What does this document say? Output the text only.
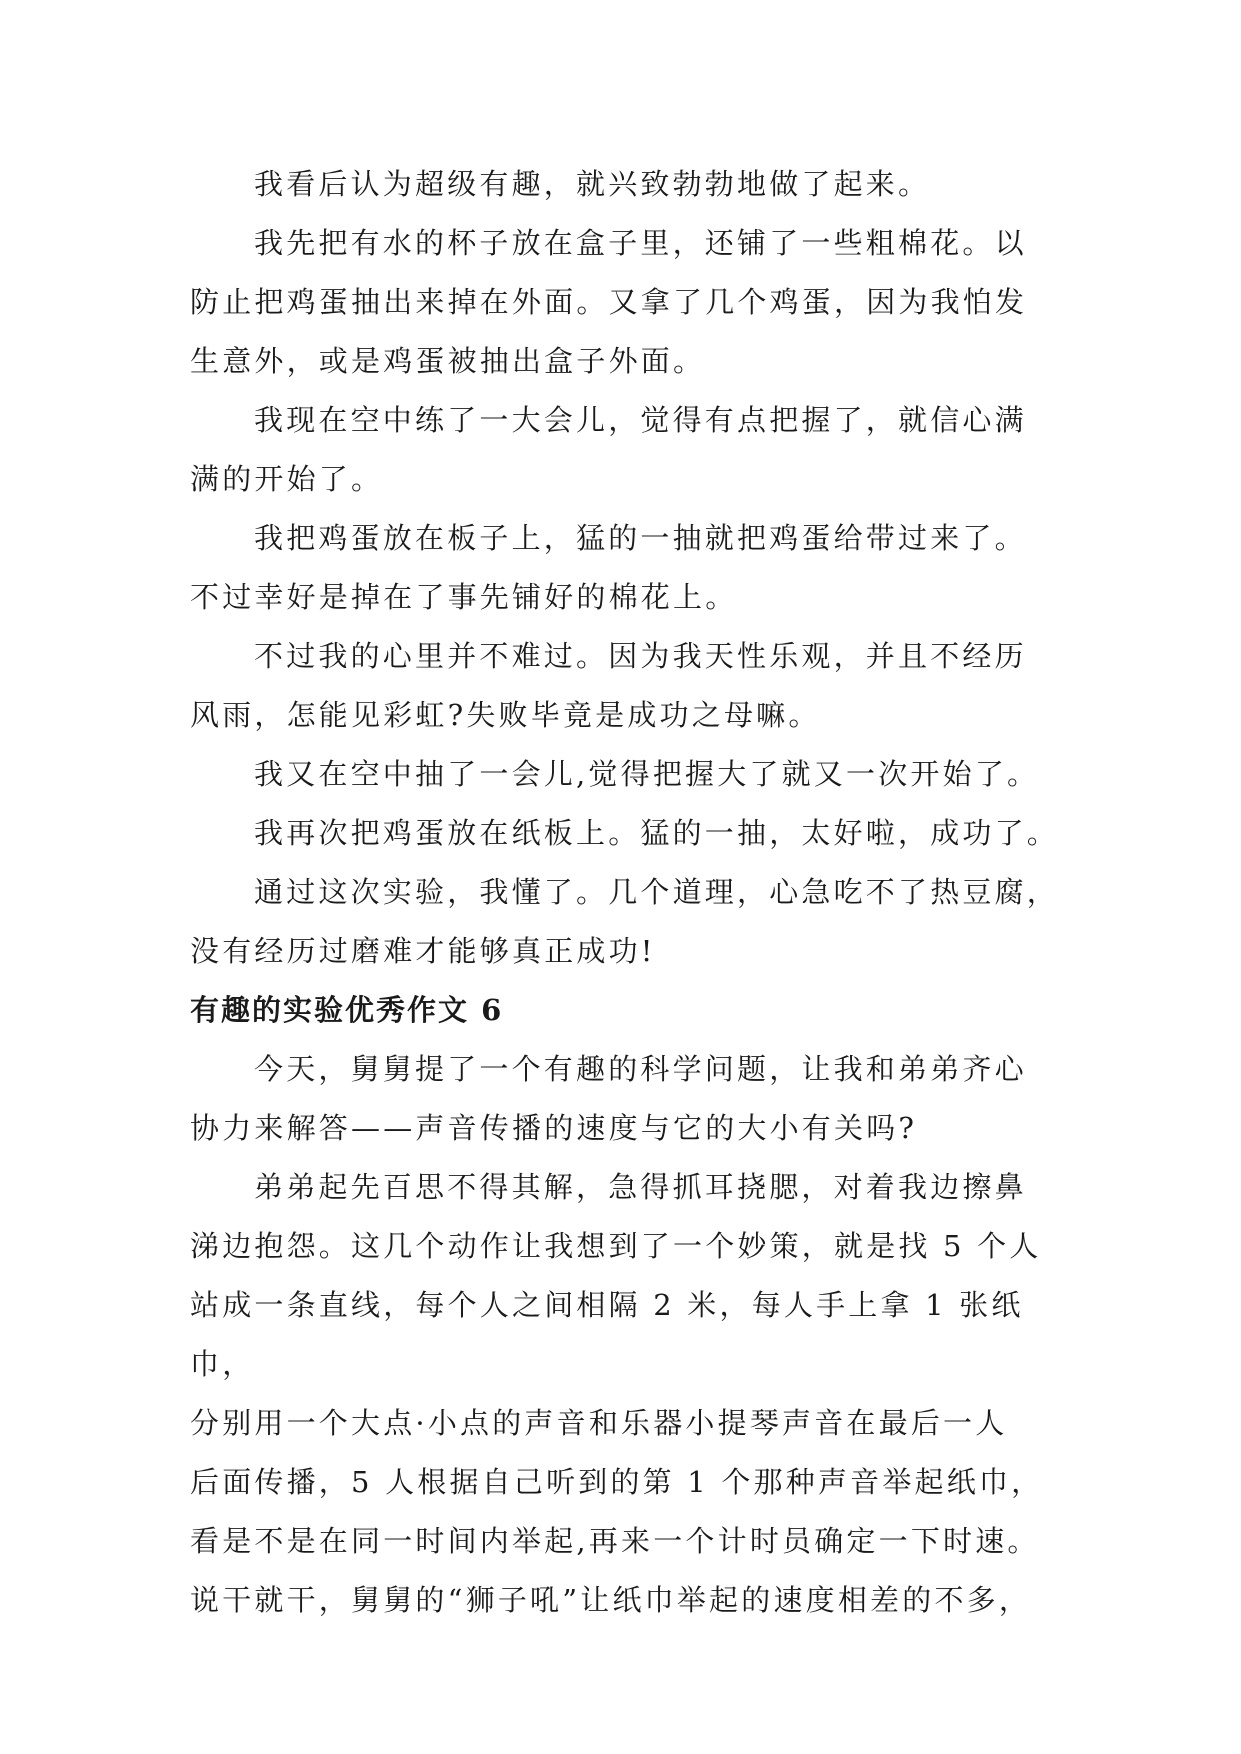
我看后认为超级有趣，就兴致勃勃地做了起来。

我先把有水的杯子放在盒子里，还铺了一些粗棉花。以
防止把鸡蛋抽出来掉在外面。又拿了几个鸡蛋，因为我怕发
生意外，或是鸡蛋被抽出盒子外面。

我现在空中练了一大会儿，觉得有点把握了，就信心满
满的开始了。

我把鸡蛋放在板子上，猛的一抽就把鸡蛋给带过来了。
不过幸好是掉在了事先铺好的棉花上。

不过我的心里并不难过。因为我天性乐观，并且不经历
风雨，怎能见彩虹?失败毕竟是成功之母嘛。

我又在空中抽了一会儿,觉得把握大了就又一次开始了。

我再次把鸡蛋放在纸板上。猛的一抽，太好啦，成功了。

通过这次实验，我懂了。几个道理，心急吃不了热豆腐，
没有经历过磨难才能够真正成功!

有趣的实验优秀作文 6

今天，舅舅提了一个有趣的科学问题，让我和弟弟齐心
协力来解答——声音传播的速度与它的大小有关吗?

弟弟起先百思不得其解，急得抓耳挠腮，对着我边擦鼻
涕边抱怨。这几个动作让我想到了一个妙策，就是找 5 个人
站成一条直线，每个人之间相隔 2 米，每人手上拿 1 张纸巾，
分别用一个大点·小点的声音和乐器小提琴声音在最后一人
后面传播，5 人根据自己听到的第 1 个那种声音举起纸巾，
看是不是在同一时间内举起,再来一个计时员确定一下时速。
说干就干，舅舅的“狮子吼”让纸巾举起的速度相差的不多，
